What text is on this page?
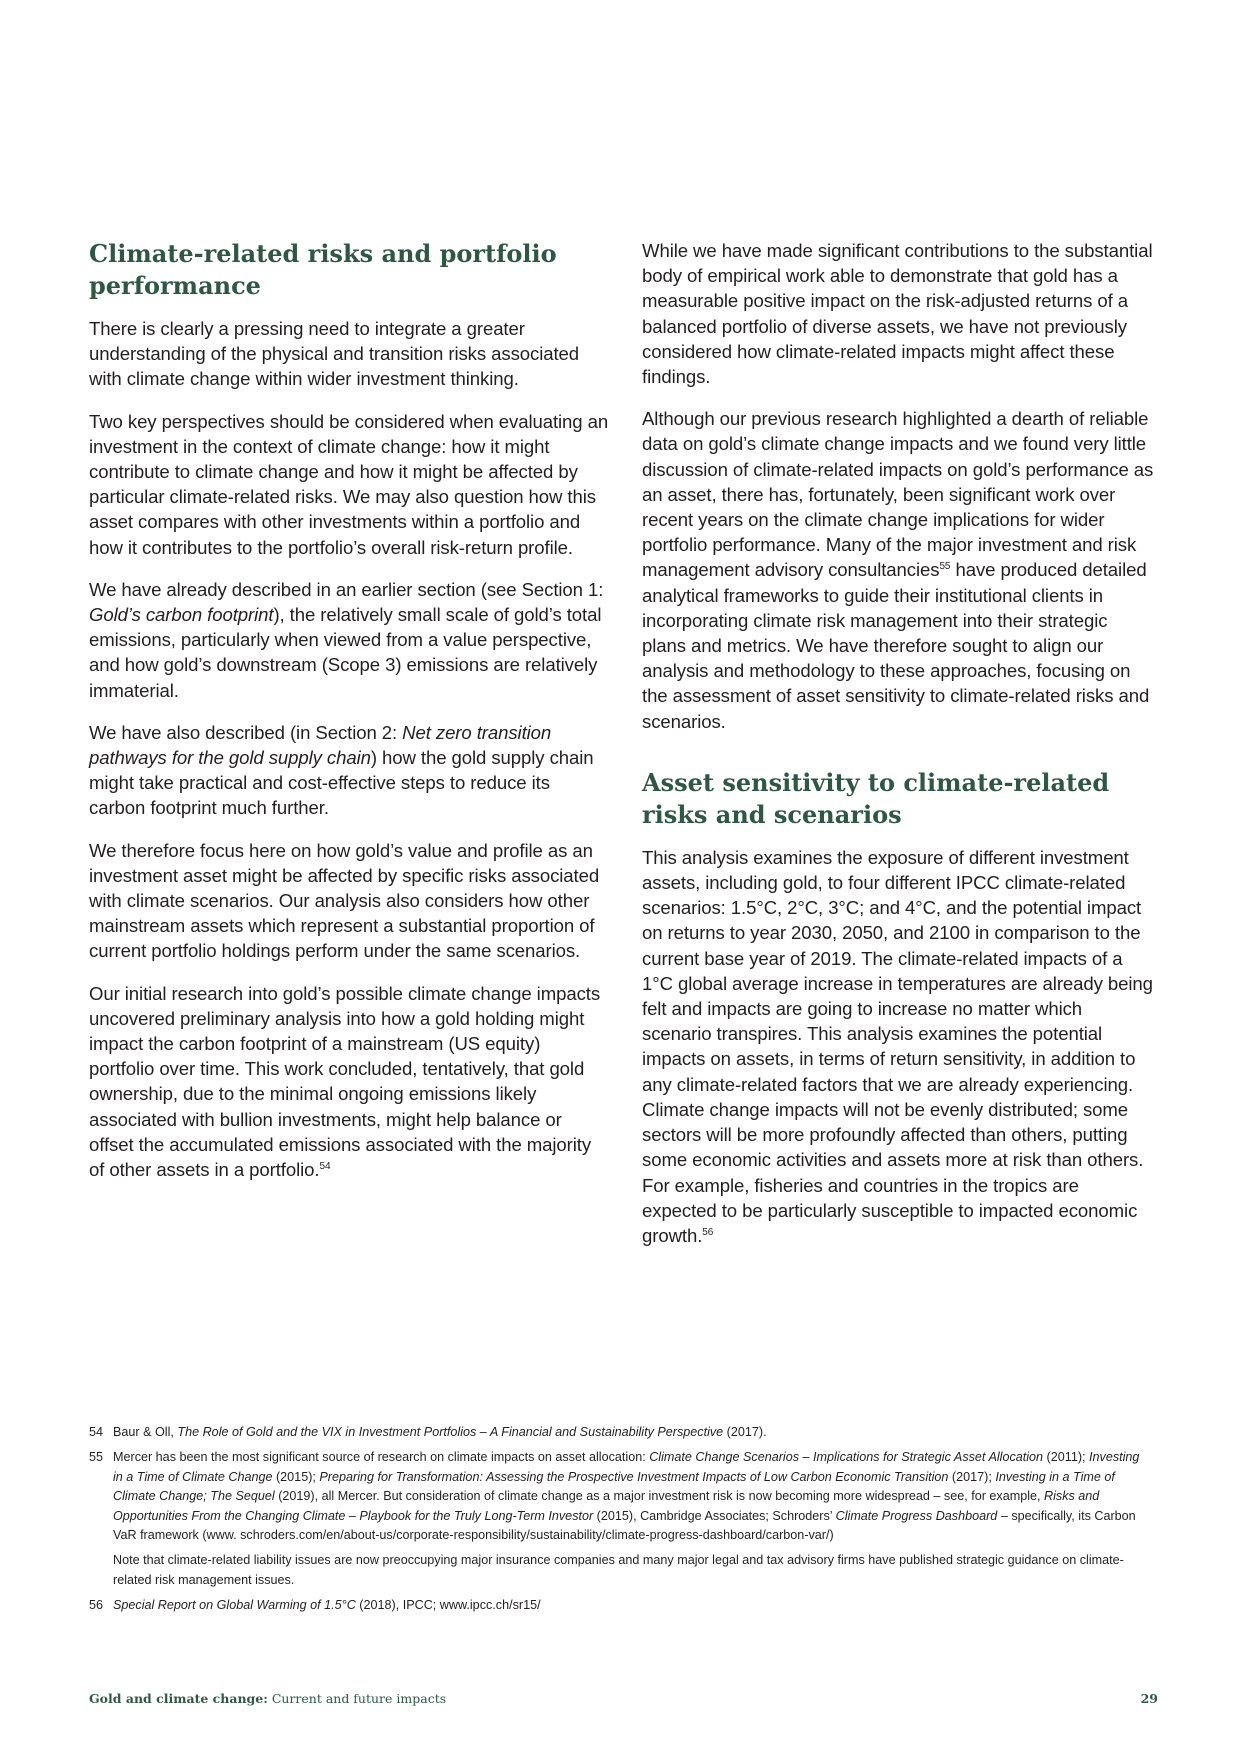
Climate-related risks and portfolio performance

There is clearly a pressing need to integrate a greater understanding of the physical and transition risks associated with climate change within wider investment thinking.

Two key perspectives should be considered when evaluating an investment in the context of climate change: how it might contribute to climate change and how it might be affected by particular climate-related risks. We may also question how this asset compares with other investments within a portfolio and how it contributes to the portfolio’s overall risk-return profile.

We have already described in an earlier section (see Section 1: Gold’s carbon footprint), the relatively small scale of gold’s total emissions, particularly when viewed from a value perspective, and how gold’s downstream (Scope 3) emissions are relatively immaterial.

We have also described (in Section 2: Net zero transition pathways for the gold supply chain) how the gold supply chain might take practical and cost-effective steps to reduce its carbon footprint much further.

We therefore focus here on how gold’s value and profile as an investment asset might be affected by specific risks associated with climate scenarios. Our analysis also considers how other mainstream assets which represent a substantial proportion of current portfolio holdings perform under the same scenarios.

Our initial research into gold’s possible climate change impacts uncovered preliminary analysis into how a gold holding might impact the carbon footprint of a mainstream (US equity) portfolio over time. This work concluded, tentatively, that gold ownership, due to the minimal ongoing emissions likely associated with bullion investments, might help balance or offset the accumulated emissions associated with the majority of other assets in a portfolio.$^{54}$

While we have made significant contributions to the substantial body of empirical work able to demonstrate that gold has a measurable positive impact on the risk-adjusted returns of a balanced portfolio of diverse assets, we have not previously considered how climate-related impacts might affect these findings.

Although our previous research highlighted a dearth of reliable data on gold’s climate change impacts and we found very little discussion of climate-related impacts on gold’s performance as an asset, there has, fortunately, been significant work over recent years on the climate change implications for wider portfolio performance. Many of the major investment and risk management advisory consultancies$^{55}$ have produced detailed analytical frameworks to guide their institutional clients in incorporating climate risk management into their strategic plans and metrics. We have therefore sought to align our analysis and methodology to these approaches, focusing on the assessment of asset sensitivity to climate-related risks and scenarios.

Asset sensitivity to climate-related risks and scenarios

This analysis examines the exposure of different investment assets, including gold, to four different IPCC climate-related scenarios: 1.5°C, 2°C, 3°C; and 4°C, and the potential impact on returns to year 2030, 2050, and 2100 in comparison to the current base year of 2019. The climate-related impacts of a 1°C global average increase in temperatures are already being felt and impacts are going to increase no matter which scenario transpires. This analysis examines the potential impacts on assets, in terms of return sensitivity, in addition to any climate-related factors that we are already experiencing. Climate change impacts will not be evenly distributed; some sectors will be more profoundly affected than others, putting some economic activities and assets more at risk than others. For example, fisheries and countries in the tropics are expected to be particularly susceptible to impacted economic growth.$^{56}$

54 Baur & Oll, The Role of Gold and the VIX in Investment Portfolios – A Financial and Sustainability Perspective (2017).
55 Mercer has been the most significant source of research on climate impacts on asset allocation: Climate Change Scenarios – Implications for Strategic Asset Allocation (2011); Investing in a Time of Climate Change (2015); Preparing for Transformation: Assessing the Prospective Investment Impacts of Low Carbon Economic Transition (2017); Investing in a Time of Climate Change; The Sequel (2019), all Mercer. But consideration of climate change as a major investment risk is now becoming more widespread – see, for example, Risks and Opportunities From the Changing Climate – Playbook for the Truly Long-Term Investor (2015), Cambridge Associates; Schroders’ Climate Progress Dashboard – specifically, its Carbon VaR framework (www. schroders.com/en/about-us/corporate-responsibility/sustainability/climate-progress-dashboard/carbon-var/)
Note that climate-related liability issues are now preoccupying major insurance companies and many major legal and tax advisory firms have published strategic guidance on climate-related risk management issues.
56 Special Report on Global Warming of 1.5°C (2018), IPCC; www.ipcc.ch/sr15/
Gold and climate change: Current and future impacts	29
